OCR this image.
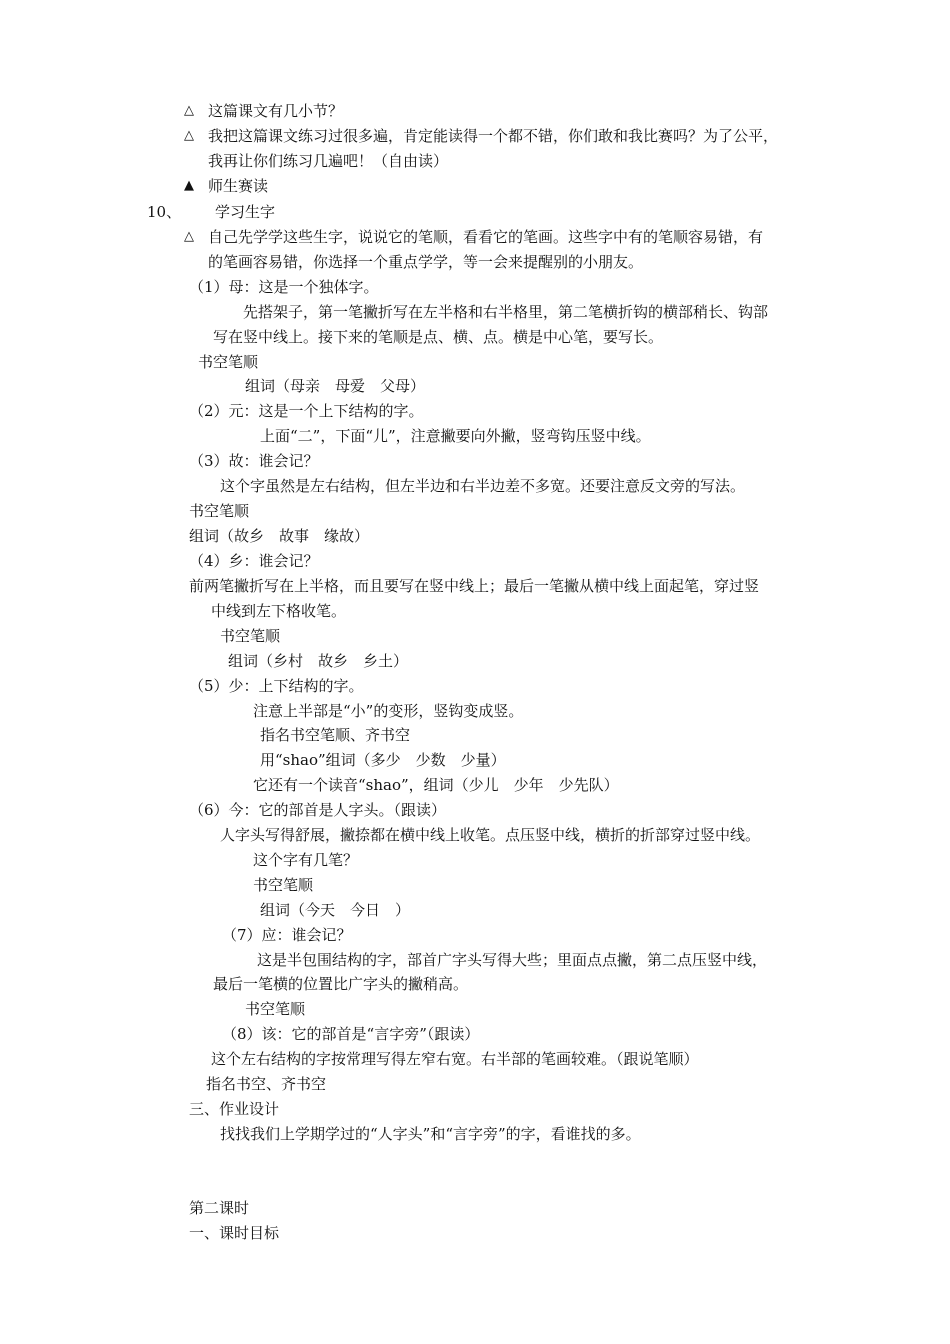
△
△
▲
△
这篇课文有几小节？
我把这篇课文练习过很多遍，肯定能读得一个都不错，你们敢和我比赛吗？为了公平，
我再让你们练习几遍吧！（自由读）
师生赛读
10、 学习生字
自己先学学这些生字，说说它的笔顺，看看它的笔画。这些字中有的笔顺容易错，有
的笔画容易错，你选择一个重点学学，等一会来提醒别的小朋友。
（1）母：这是一个独体字。
先搭架子，第一笔撇折写在左半格和右半格里，第二笔横折钩的横部稍长、钩部
写在竖中线上。接下来的笔顺是点、横、点。横是中心笔，要写长。
书空笔顺
组词（母亲　母爱　父母）
（2）元：这是一个上下结构的字。
上面“二”，下面“儿”，注意撇要向外撇，竖弯钩压竖中线。
（3）故：谁会记？
这个字虽然是左右结构，但左半边和右半边差不多宽。还要注意反文旁的写法。
书空笔顺
组词（故乡　故事　缘故）
（4）乡：谁会记？
前两笔撇折写在上半格，而且要写在竖中线上；最后一笔撇从横中线上面起笔，穿过竖
中线到左下格收笔。
书空笔顺
组词（乡村　故乡　乡土）
（5）少：上下结构的字。
注意上半部是“小”的变形，竖钩变成竖。
指名书空笔顺、齐书空
用“shao”组词（多少　少数　少量）
它还有一个读音“shao”，组词（少儿　少年　少先队）
（6）今：它的部首是人字头。（跟读）
人字头写得舒展，撇捺都在横中线上收笔。点压竖中线，横折的折部穿过竖中线。
这个字有几笔？
书空笔顺
组词（今天　今日　）
（7）应：谁会记？
这是半包围结构的字，部首广字头写得大些；里面点点撇，第二点压竖中线，
最后一笔横的位置比广字头的撇稍高。
书空笔顺
（8）该：它的部首是“言字旁”（跟读）
这个左右结构的字按常理写得左窄右宽。右半部的笔画较难。（跟说笔顺）
指名书空、齐书空
三、作业设计
找找我们上学期学过的“人字头”和“言字旁”的字，看谁找的多。
第二课时
一、课时目标
